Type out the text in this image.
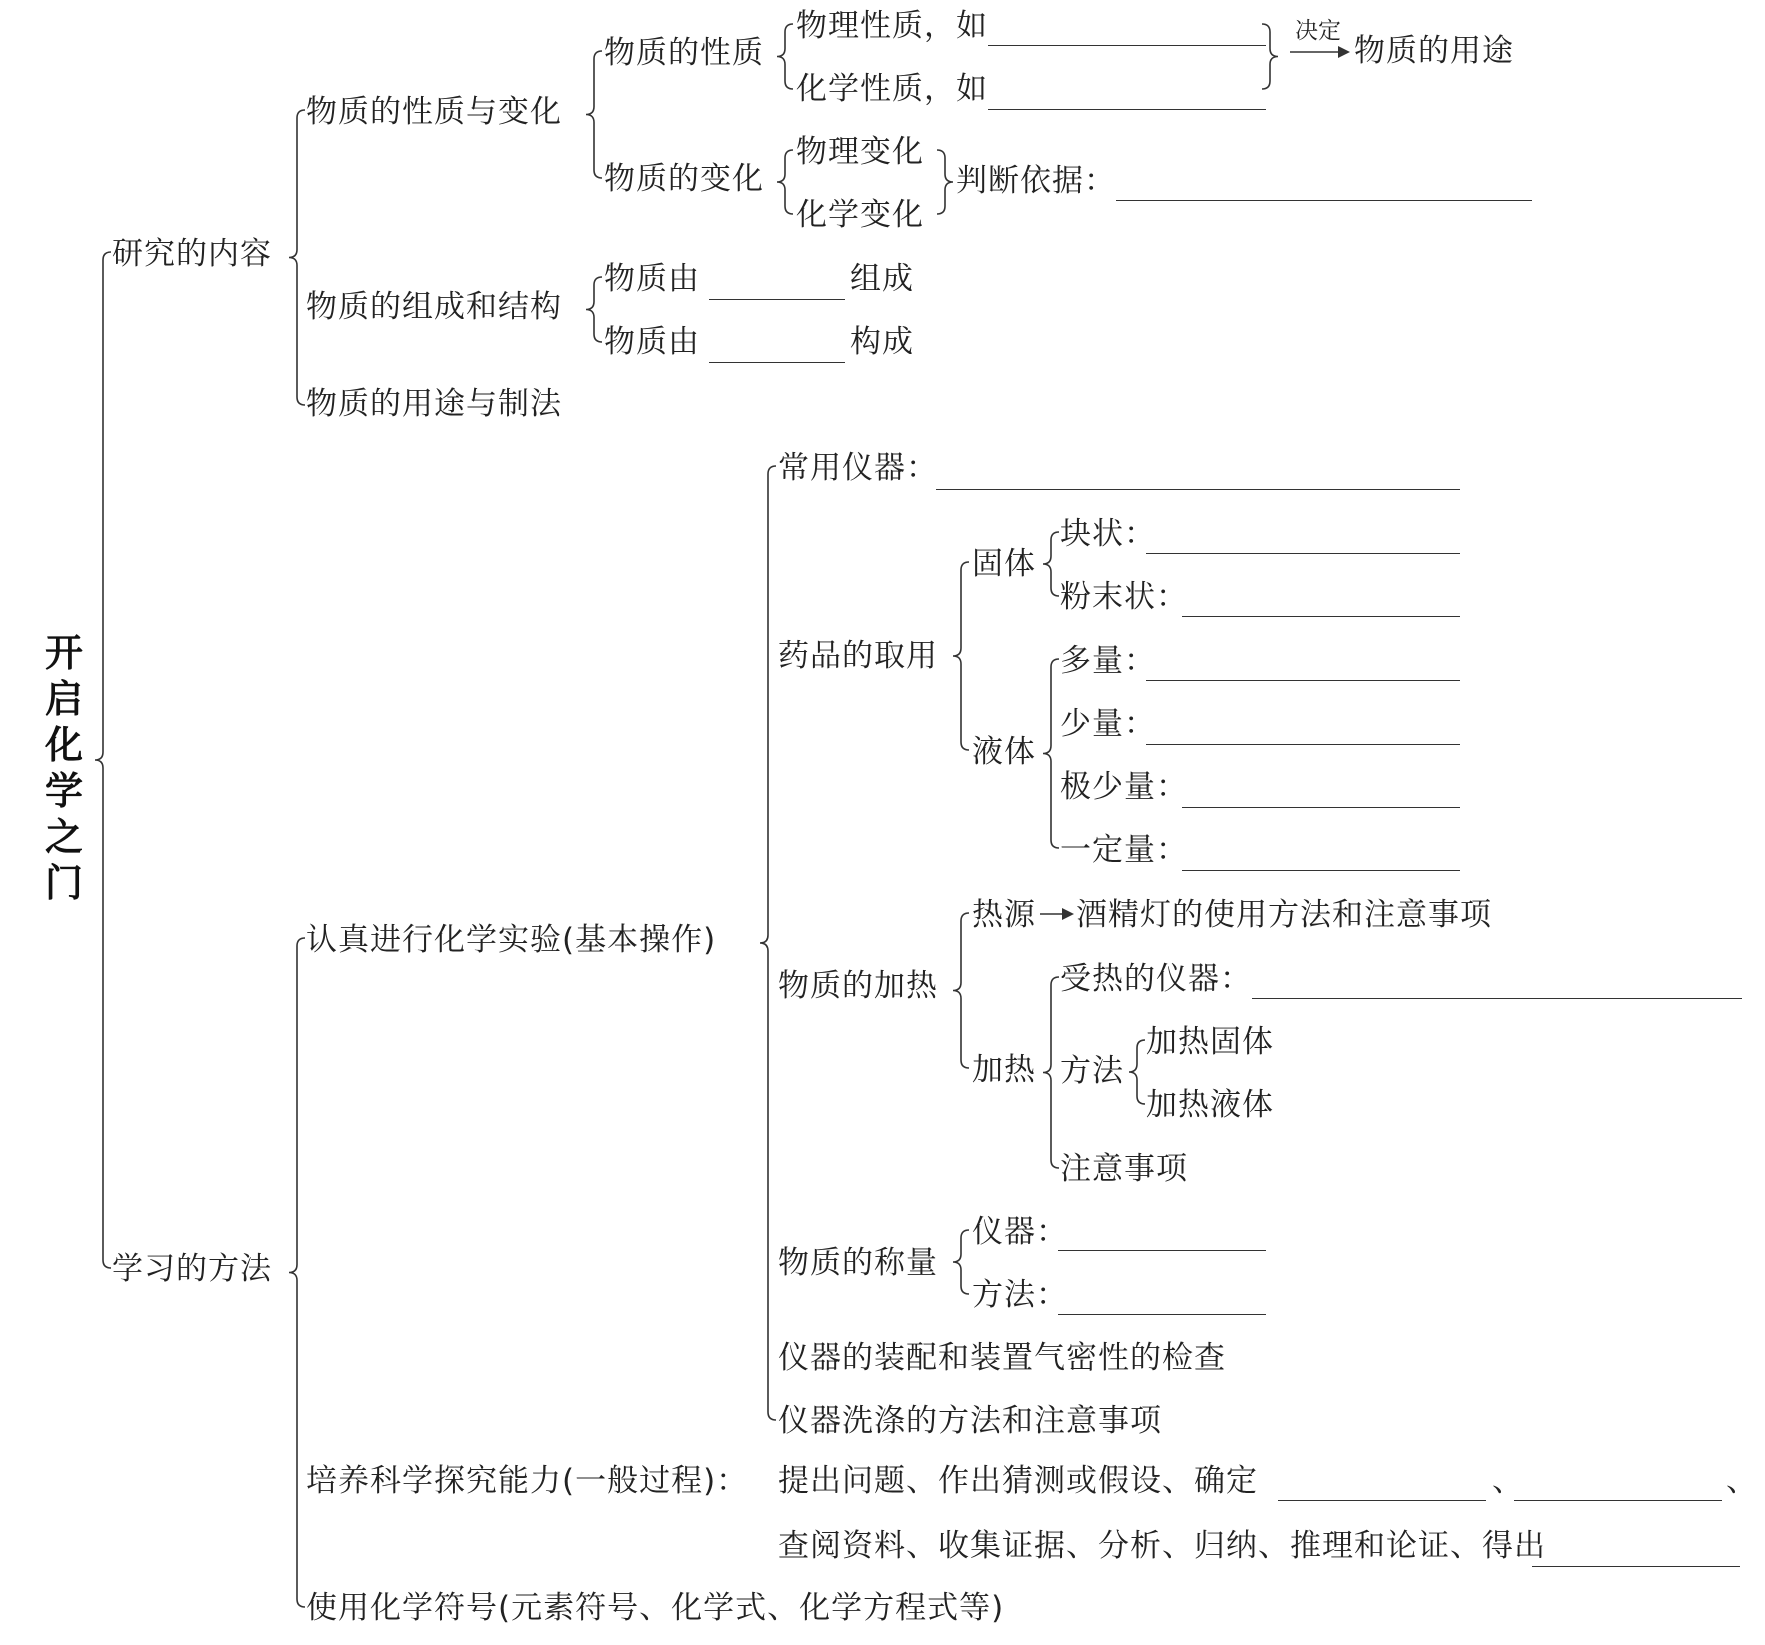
开启化学之门
研究的内容
物质的性质与变化
物质的性质
物理性质，如
化学性质，如
决定
物质的用途
物质的变化
物理变化
化学变化
判断依据：
物质的组成和结构
物质由	组成
物质由	构成
物质的用途与制法
学习的方法
认真进行化学实验(基本操作)
常用仪器：
药品的取用
固体
块状：
粉末状：
液体
多量：
少量：
极少量：
一定量：
物质的加热
热源 酒精灯的使用方法和注意事项
加热
受热的仪器：
方法
加热固体
加热液体
注意事项
物质的称量
仪器：
方法：
仪器的装配和装置气密性的检查
仪器洗涤的方法和注意事项
培养科学探究能力(一般过程)： 提出问题、作出猜测或假设、确定	、	、
查阅资料、收集证据、分析、归纳、推理和论证、得出
使用化学符号(元素符号、化学式、化学方程式等)
